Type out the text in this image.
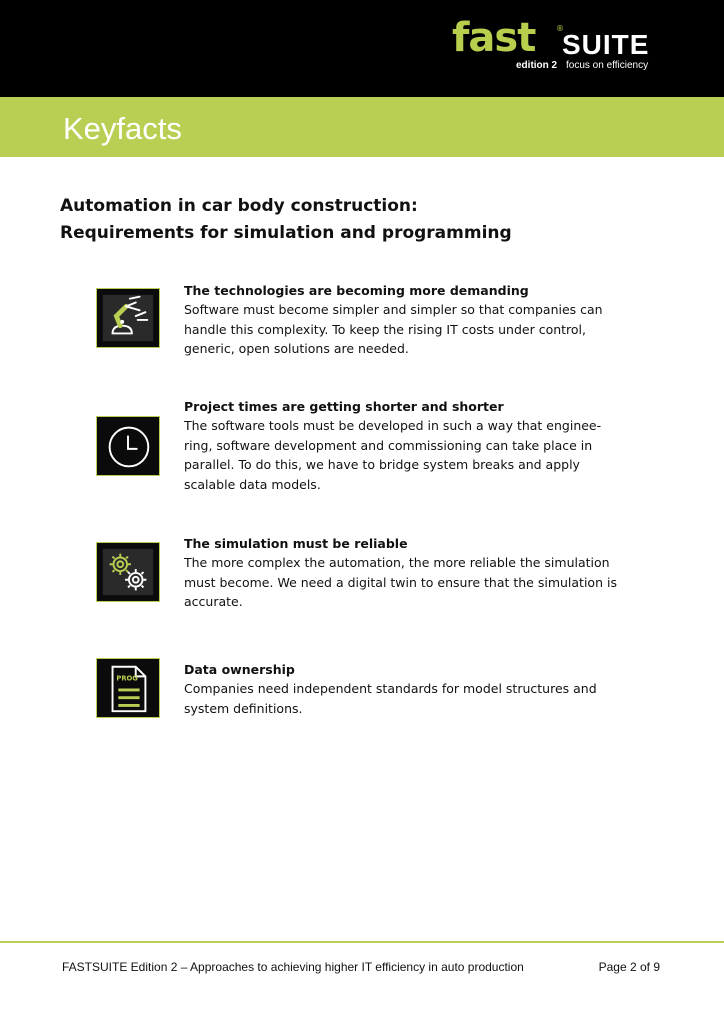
fast	®
SUITE
edition 2 focus on efficiency
Keyfacts
Automation in car body construction:
Requirements for simulation and programming
The technologies are becoming more demanding
Software must become simpler and simpler so that companies can handle this complexity. To keep the rising IT costs under control, generic, open solutions are needed.
Project times are getting shorter and shorter
The software tools must be developed in such a way that enginee-ring, software development and commissioning can take place in parallel. To do this, we have to bridge system breaks and apply scalable data models.
The simulation must be reliable
The more complex the automation, the more reliable the simulation must become. We need a digital twin to ensure that the simulation is accurate.
PROG
Data ownership
Companies need independent standards for model structures and system definitions.
FASTSUITE Edition 2 – Approaches to achieving higher IT efficiency in auto production	Page 2 of 9
